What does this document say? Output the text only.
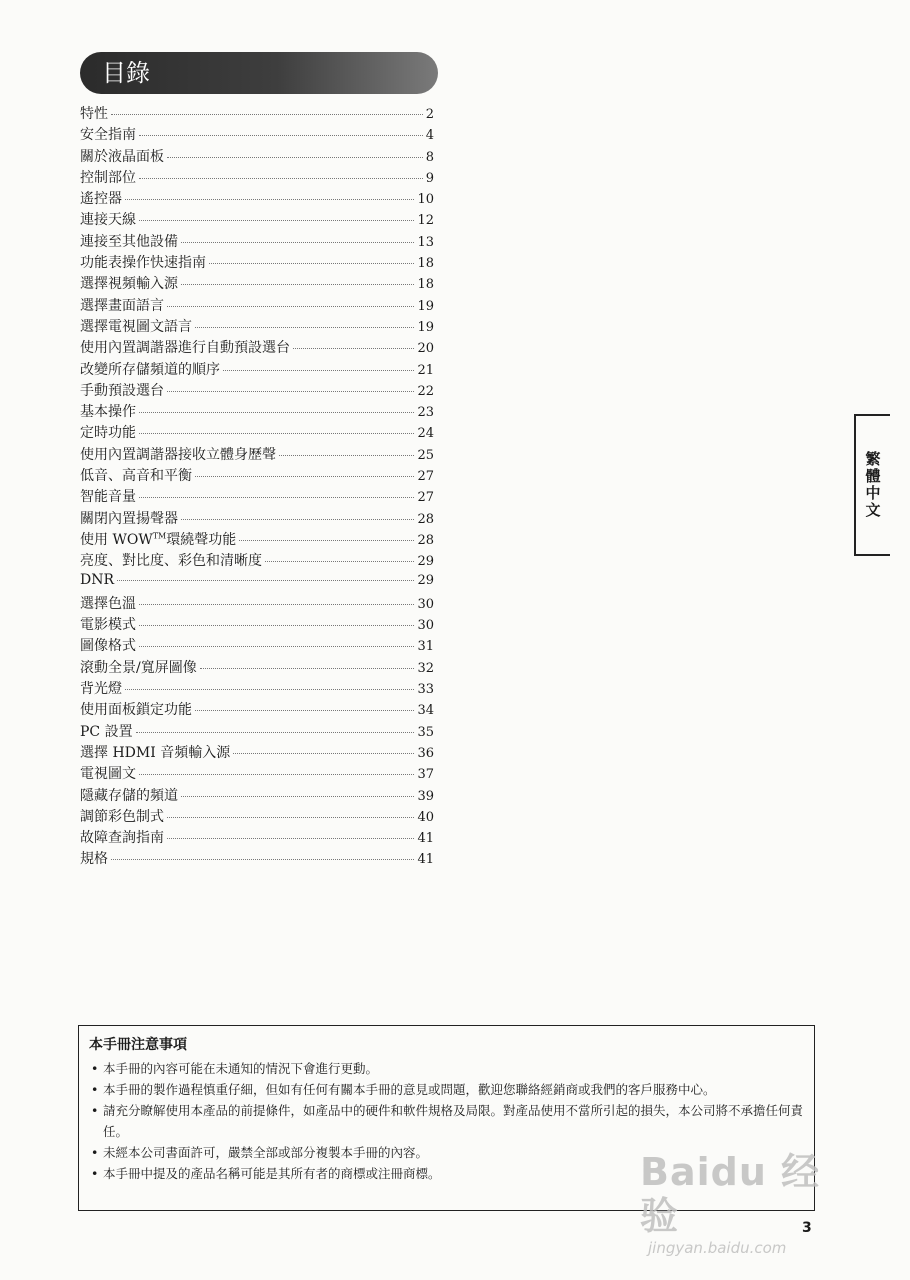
目錄
特性	2
安全指南	4
關於液晶面板	8
控制部位	9
遙控器	10
連接天線	12
連接至其他設備	13
功能表操作快速指南	18
選擇視頻輸入源	18
選擇畫面語言	19
選擇電視圖文語言	19
使用內置調諧器進行自動預設選台	20
改變所存儲頻道的順序	21
手動預設選台	22
基本操作	23
定時功能	24
使用內置調諧器接收立體身歷聲	25
低音、高音和平衡	27
智能音量	27
關閉內置揚聲器	28
使用 WOW™環繞聲功能	28
亮度、對比度、彩色和清晰度	29
DNR	29
選擇色溫	30
電影模式	30
圖像格式	31
滾動全景/寬屏圖像	32
背光燈	33
使用面板鎖定功能	34
PC 設置	35
選擇 HDMI 音頻輸入源	36
電視圖文	37
隱藏存儲的頻道	39
調節彩色制式	40
故障查詢指南	41
規格	41
繁體中文
本手冊注意事項
• 本手冊的內容可能在未通知的情況下會進行更動。
• 本手冊的製作過程慎重仔細，但如有任何有關本手冊的意見或問題，歡迎您聯絡經銷商或我們的客戶服務中心。
• 請充分瞭解使用本產品的前提條件，如產品中的硬件和軟件規格及局限。對產品使用不當所引起的損失，本公司將不承擔任何責任。
• 未經本公司書面許可，嚴禁全部或部分複製本手冊的內容。
• 本手冊中提及的產品名稱可能是其所有者的商標或注冊商標。	Baidu 经验
jingyan.baidu.com
3
